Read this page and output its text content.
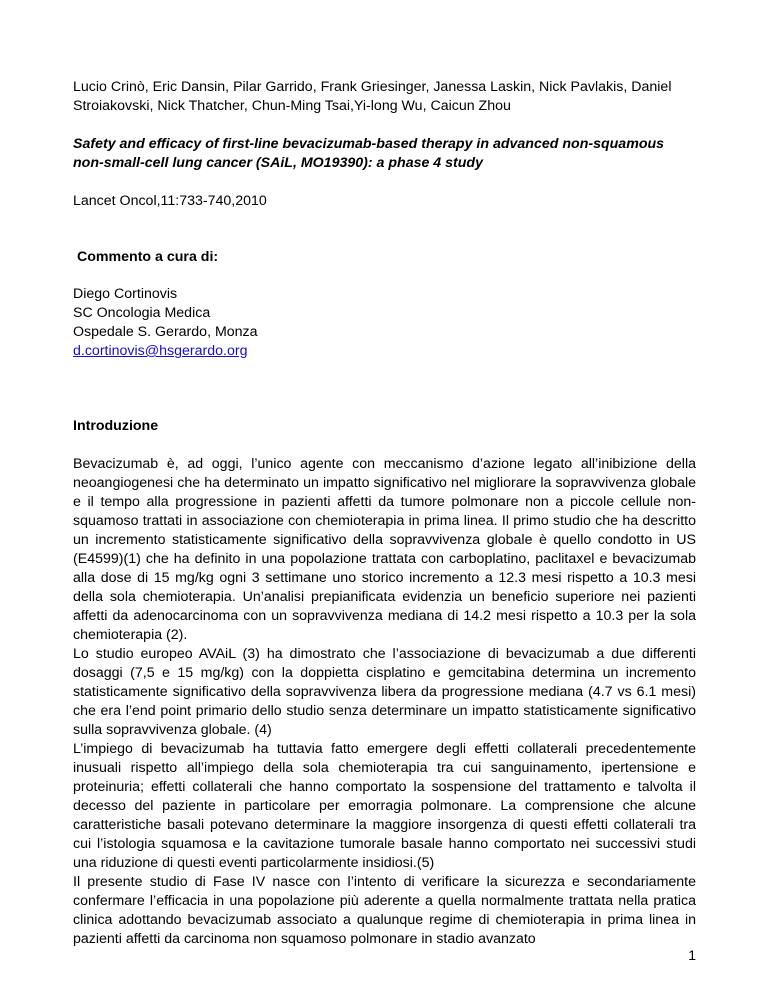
Lucio Crinò, Eric Dansin, Pilar Garrido, Frank Griesinger, Janessa Laskin, Nick Pavlakis, Daniel Stroiakovski, Nick Thatcher, Chun-Ming Tsai,Yi-long Wu, Caicun Zhou

Safety and efficacy of first-line bevacizumab-based therapy in advanced non-squamous non-small-cell lung cancer (SAiL, MO19390): a phase 4 study

Lancet Oncol,11:733-740,2010

Commento a cura di:

Diego Cortinovis
SC Oncologia Medica
Ospedale S. Gerardo, Monza
d.cortinovis@hsgerardo.org

Introduzione

Bevacizumab è, ad oggi, l’unico agente con meccanismo d’azione legato all’inibizione della neoangiogenesi che ha determinato un impatto significativo nel migliorare la sopravvivenza globale e il tempo alla progressione in pazienti affetti da tumore polmonare non a piccole cellule non-squamoso trattati in associazione con chemioterapia in prima linea. Il primo studio che ha descritto un incremento statisticamente significativo della sopravvivenza globale è quello condotto in US (E4599)(1) che ha definito in una popolazione trattata con carboplatino, paclitaxel e bevacizumab alla dose di 15 mg/kg ogni 3 settimane uno storico incremento a 12.3 mesi rispetto a 10.3 mesi della sola chemioterapia. Un’analisi prepianificata evidenzia un beneficio superiore nei pazienti affetti da adenocarcinoma con un sopravvivenza mediana di 14.2 mesi rispetto a 10.3 per la sola chemioterapia (2).

Lo studio europeo AVAiL (3) ha dimostrato che l’associazione di bevacizumab a due differenti dosaggi (7,5 e 15 mg/kg) con la doppietta cisplatino e gemcitabina determina un incremento statisticamente significativo della sopravvivenza libera da progressione mediana (4.7 vs 6.1 mesi) che era l’end point primario dello studio senza determinare un impatto statisticamente significativo sulla sopravvivenza globale. (4)

L’impiego di bevacizumab ha tuttavia fatto emergere degli effetti collaterali precedentemente inusuali rispetto all’impiego della sola chemioterapia tra cui sanguinamento, ipertensione e proteinuria; effetti collaterali che hanno comportato la sospensione del trattamento e talvolta il decesso del paziente in particolare per emorragia polmonare. La comprensione che alcune caratteristiche basali potevano determinare la maggiore insorgenza di questi effetti collaterali tra cui l’istologia squamosa e la cavitazione tumorale basale hanno comportato nei successivi studi una riduzione di questi eventi particolarmente insidiosi.(5)

Il presente studio di Fase IV nasce con l’intento di verificare la sicurezza e secondariamente confermare l’efficacia in una popolazione più aderente a quella normalmente trattata nella pratica clinica adottando bevacizumab associato a qualunque regime di chemioterapia in prima linea in pazienti affetti da carcinoma non squamoso polmonare in stadio avanzato

1
